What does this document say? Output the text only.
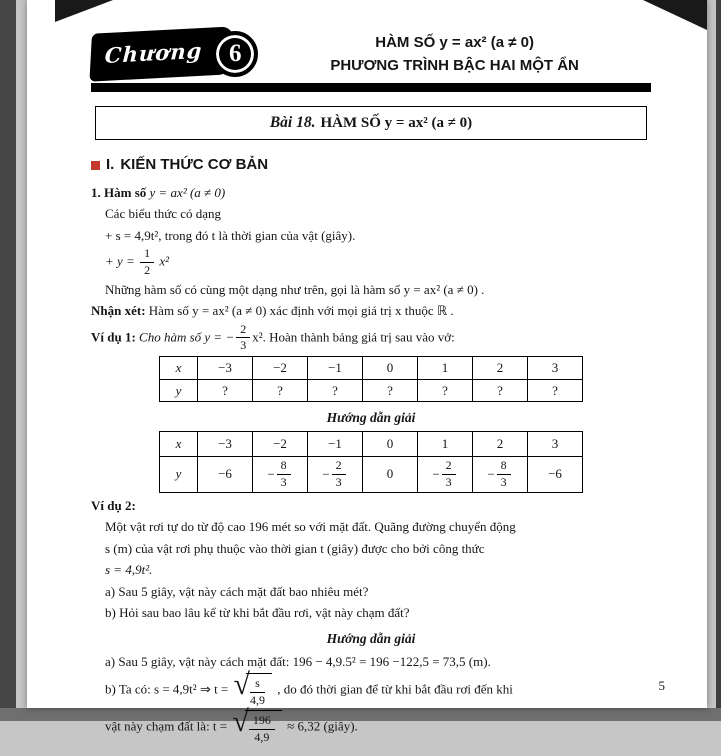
Chương	6	HÀM SỐ y = ax² (a ≠ 0)
PHƯƠNG TRÌNH BẬC HAI MỘT ẨN
Bài 18. HÀM SỐ y = ax² (a ≠ 0)
I. KIẾN THỨC CƠ BẢN
1. Hàm số y = ax² (a ≠ 0)
Các biểu thức có dạng
+ s = 4,9t², trong đó t là thời gian của vật (giây).
+ $y = \frac{1}{2} x^2$
Những hàm số có cùng một dạng như trên, gọi là hàm số y = ax² (a ≠ 0) .
Nhận xét: Hàm số y = ax² (a ≠ 0) xác định với mọi giá trị x thuộc ℝ .
Ví dụ 1: Cho hàm số y = − $\frac{2}{3} x^2$. Hoàn thành bảng giá trị sau vào vở:
x	−3	−2	−1	0	1	2	3
y	?	?	?	?	?	?	?
Hướng dẫn giải
x	−3	−2	−1	0	1	2	3
y	−6	− $\frac{8}{3}$	− $\frac{2}{3}$	0	− $\frac{2}{3}$	− $\frac{8}{3}$	−6
Ví dụ 2:
Một vật rơi tự do từ độ cao 196 mét so với mặt đất. Quãng đường chuyển động
s (m) của vật rơi phụ thuộc vào thời gian t (giây) được cho bởi công thức
s = 4,9t².
a) Sau 5 giây, vật này cách mặt đất bao nhiêu mét?
b) Hỏi sau bao lâu kể từ khi bắt đầu rơi, vật này chạm đất?
Hướng dẫn giải
a) Sau 5 giây, vật này cách mặt đất: 196 − 4,9.5² = 196 −122,5 = 73,5 (m).
b) Ta có: s = 4,9t² ⇒ t = √ $\frac{s}{4,9}$ , do đó thời gian để từ khi bắt đầu rơi đến khi
vật này chạm đất là: t = √ $\frac{196}{4,9} \approx 6,32$ (giây).
5
